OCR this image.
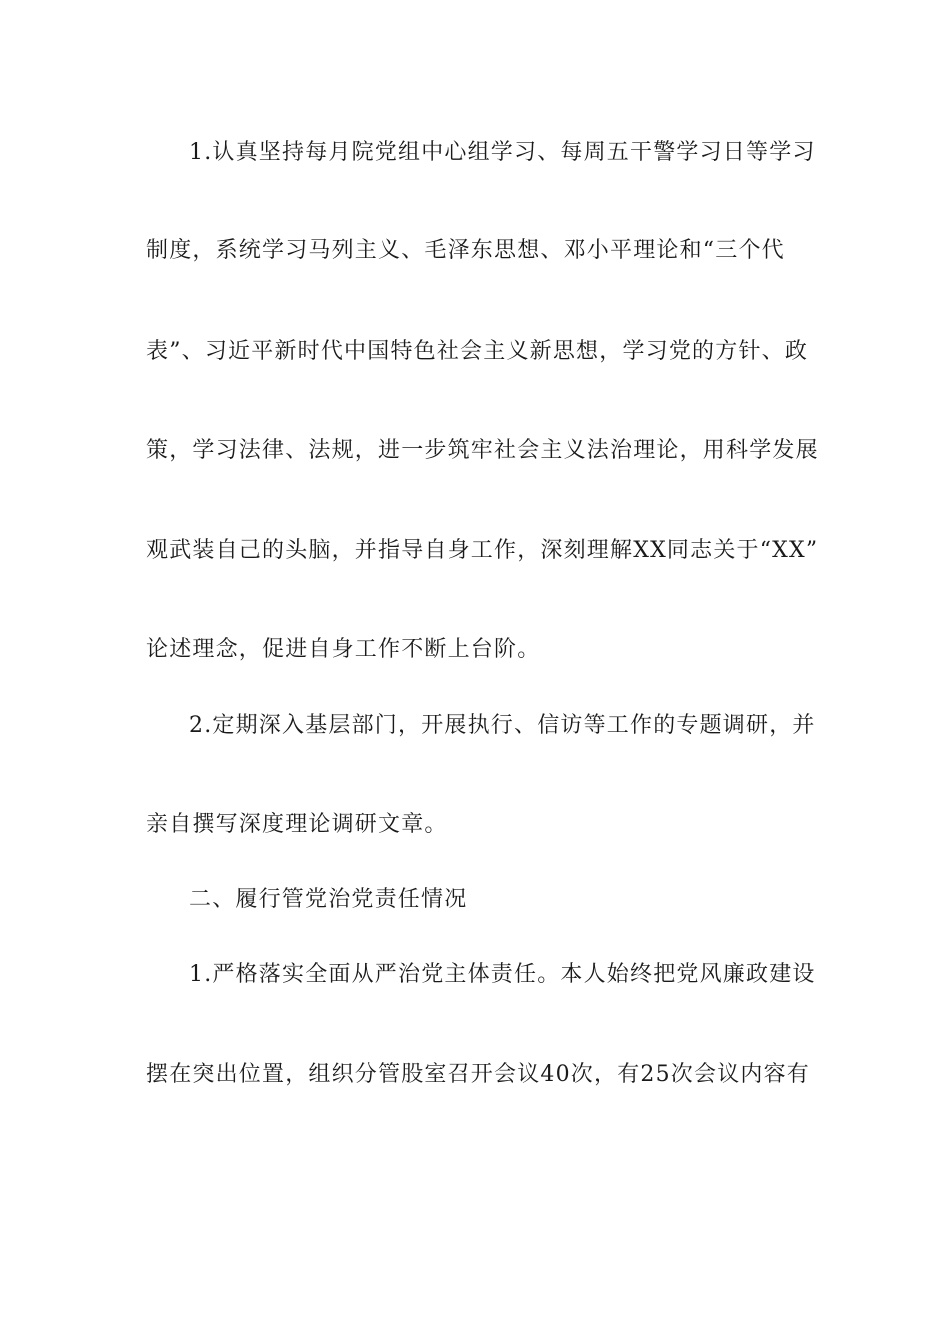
1.认真坚持每月院党组中心组学习、每周五干警学习日等学习
制度，系统学习马列主义、毛泽东思想、邓小平理论和“三个代
表”、习近平新时代中国特色社会主义新思想，学习党的方针、政
策，学习法律、法规，进一步筑牢社会主义法治理论，用科学发展
观武装自己的头脑，并指导自身工作，深刻理解XX同志关于“XX”
论述理念，促进自身工作不断上台阶。
2.定期深入基层部门，开展执行、信访等工作的专题调研，并
亲自撰写深度理论调研文章。
二、履行管党治党责任情况
1.严格落实全面从严治党主体责任。本人始终把党风廉政建设
摆在突出位置，组织分管股室召开会议40次，有25次会议内容有
